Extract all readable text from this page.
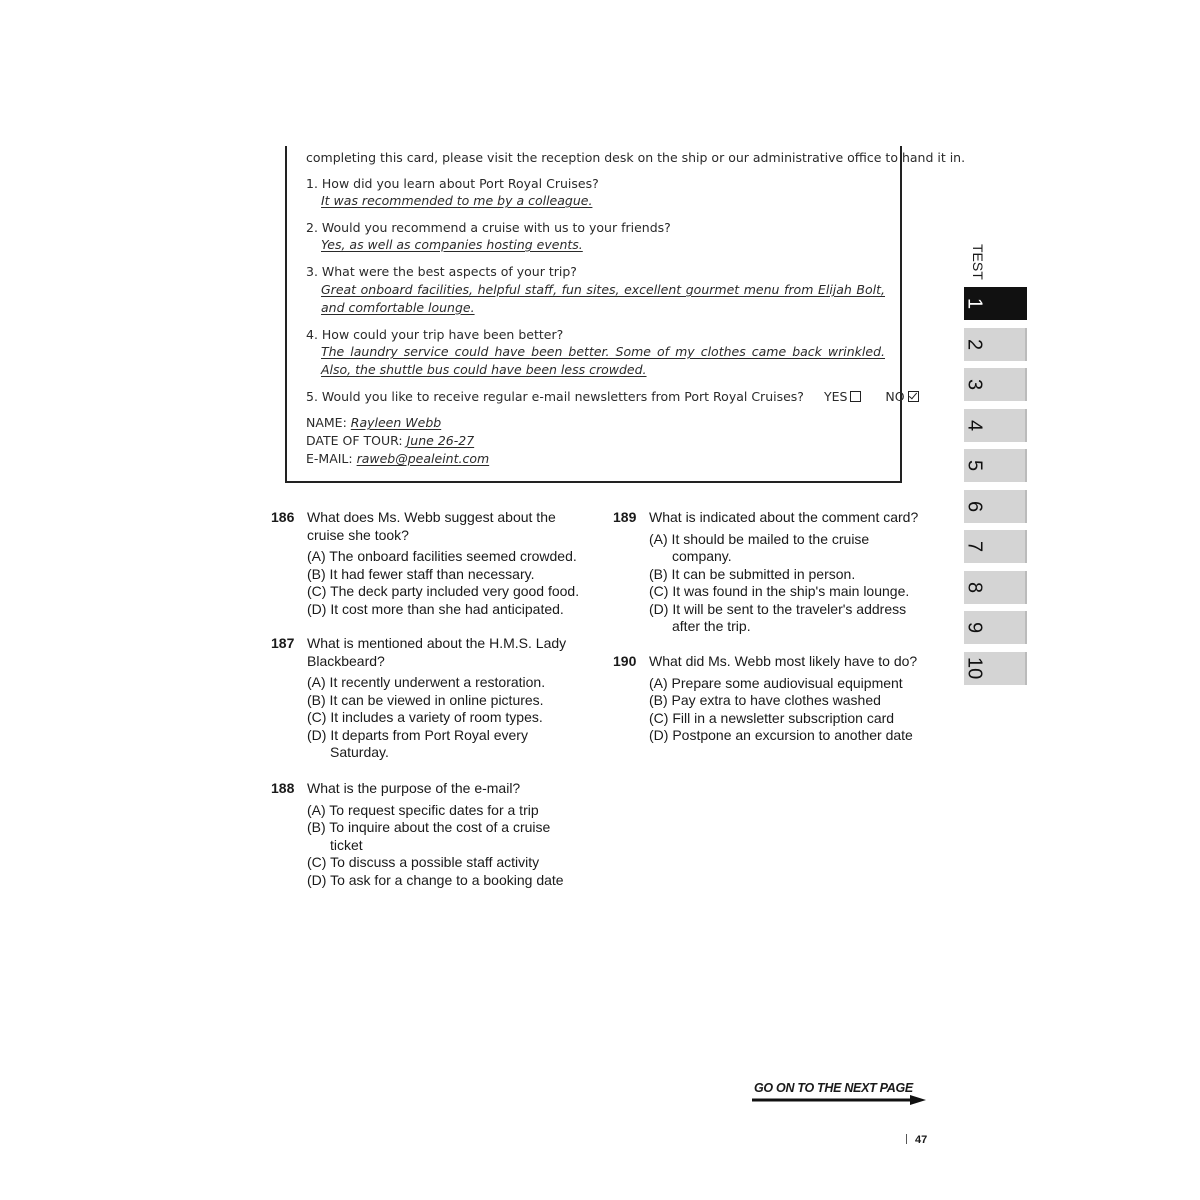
completing this card, please visit the reception desk on the ship or our administrative office to hand it in.
1. How did you learn about Port Royal Cruises?
It was recommended to me by a colleague.
2. Would you recommend a cruise with us to your friends?
Yes, as well as companies hosting events.
3. What were the best aspects of your trip?
Great onboard facilities, helpful staff, fun sites, excellent gourmet menu from Elijah Bolt, and comfortable lounge.
4. How could your trip have been better?
The laundry service could have been better. Some of my clothes came back wrinkled. Also, the shuttle bus could have been less crowded.
5. Would you like to receive regular e-mail newsletters from Port Royal Cruises? YES	NO
NAME: Rayleen Webb
DATE OF TOUR: June 26-27
E-MAIL: raweb@pealeint.com
186 What does Ms. Webb suggest about the cruise she took?
(A) The onboard facilities seemed crowded.
(B) It had fewer staff than necessary.
(C) The deck party included very good food.
(D) It cost more than she had anticipated.
187 What is mentioned about the H.M.S. Lady Blackbeard?
(A) It recently underwent a restoration.
(B) It can be viewed in online pictures.
(C) It includes a variety of room types.
(D) It departs from Port Royal every Saturday.
188 What is the purpose of the e-mail?
(A) To request specific dates for a trip
(B) To inquire about the cost of a cruise ticket
(C) To discuss a possible staff activity
(D) To ask for a change to a booking date
189 What is indicated about the comment card?
(A) It should be mailed to the cruise company.
(B) It can be submitted in person.
(C) It was found in the ship's main lounge.
(D) It will be sent to the traveler's address after the trip.
190 What did Ms. Webb most likely have to do?
(A) Prepare some audiovisual equipment
(B) Pay extra to have clothes washed
(C) Fill in a newsletter subscription card
(D) Postpone an excursion to another date
TEST
1
2
3
4
5
6
7
8
9
10
GO ON TO THE NEXT PAGE
47
